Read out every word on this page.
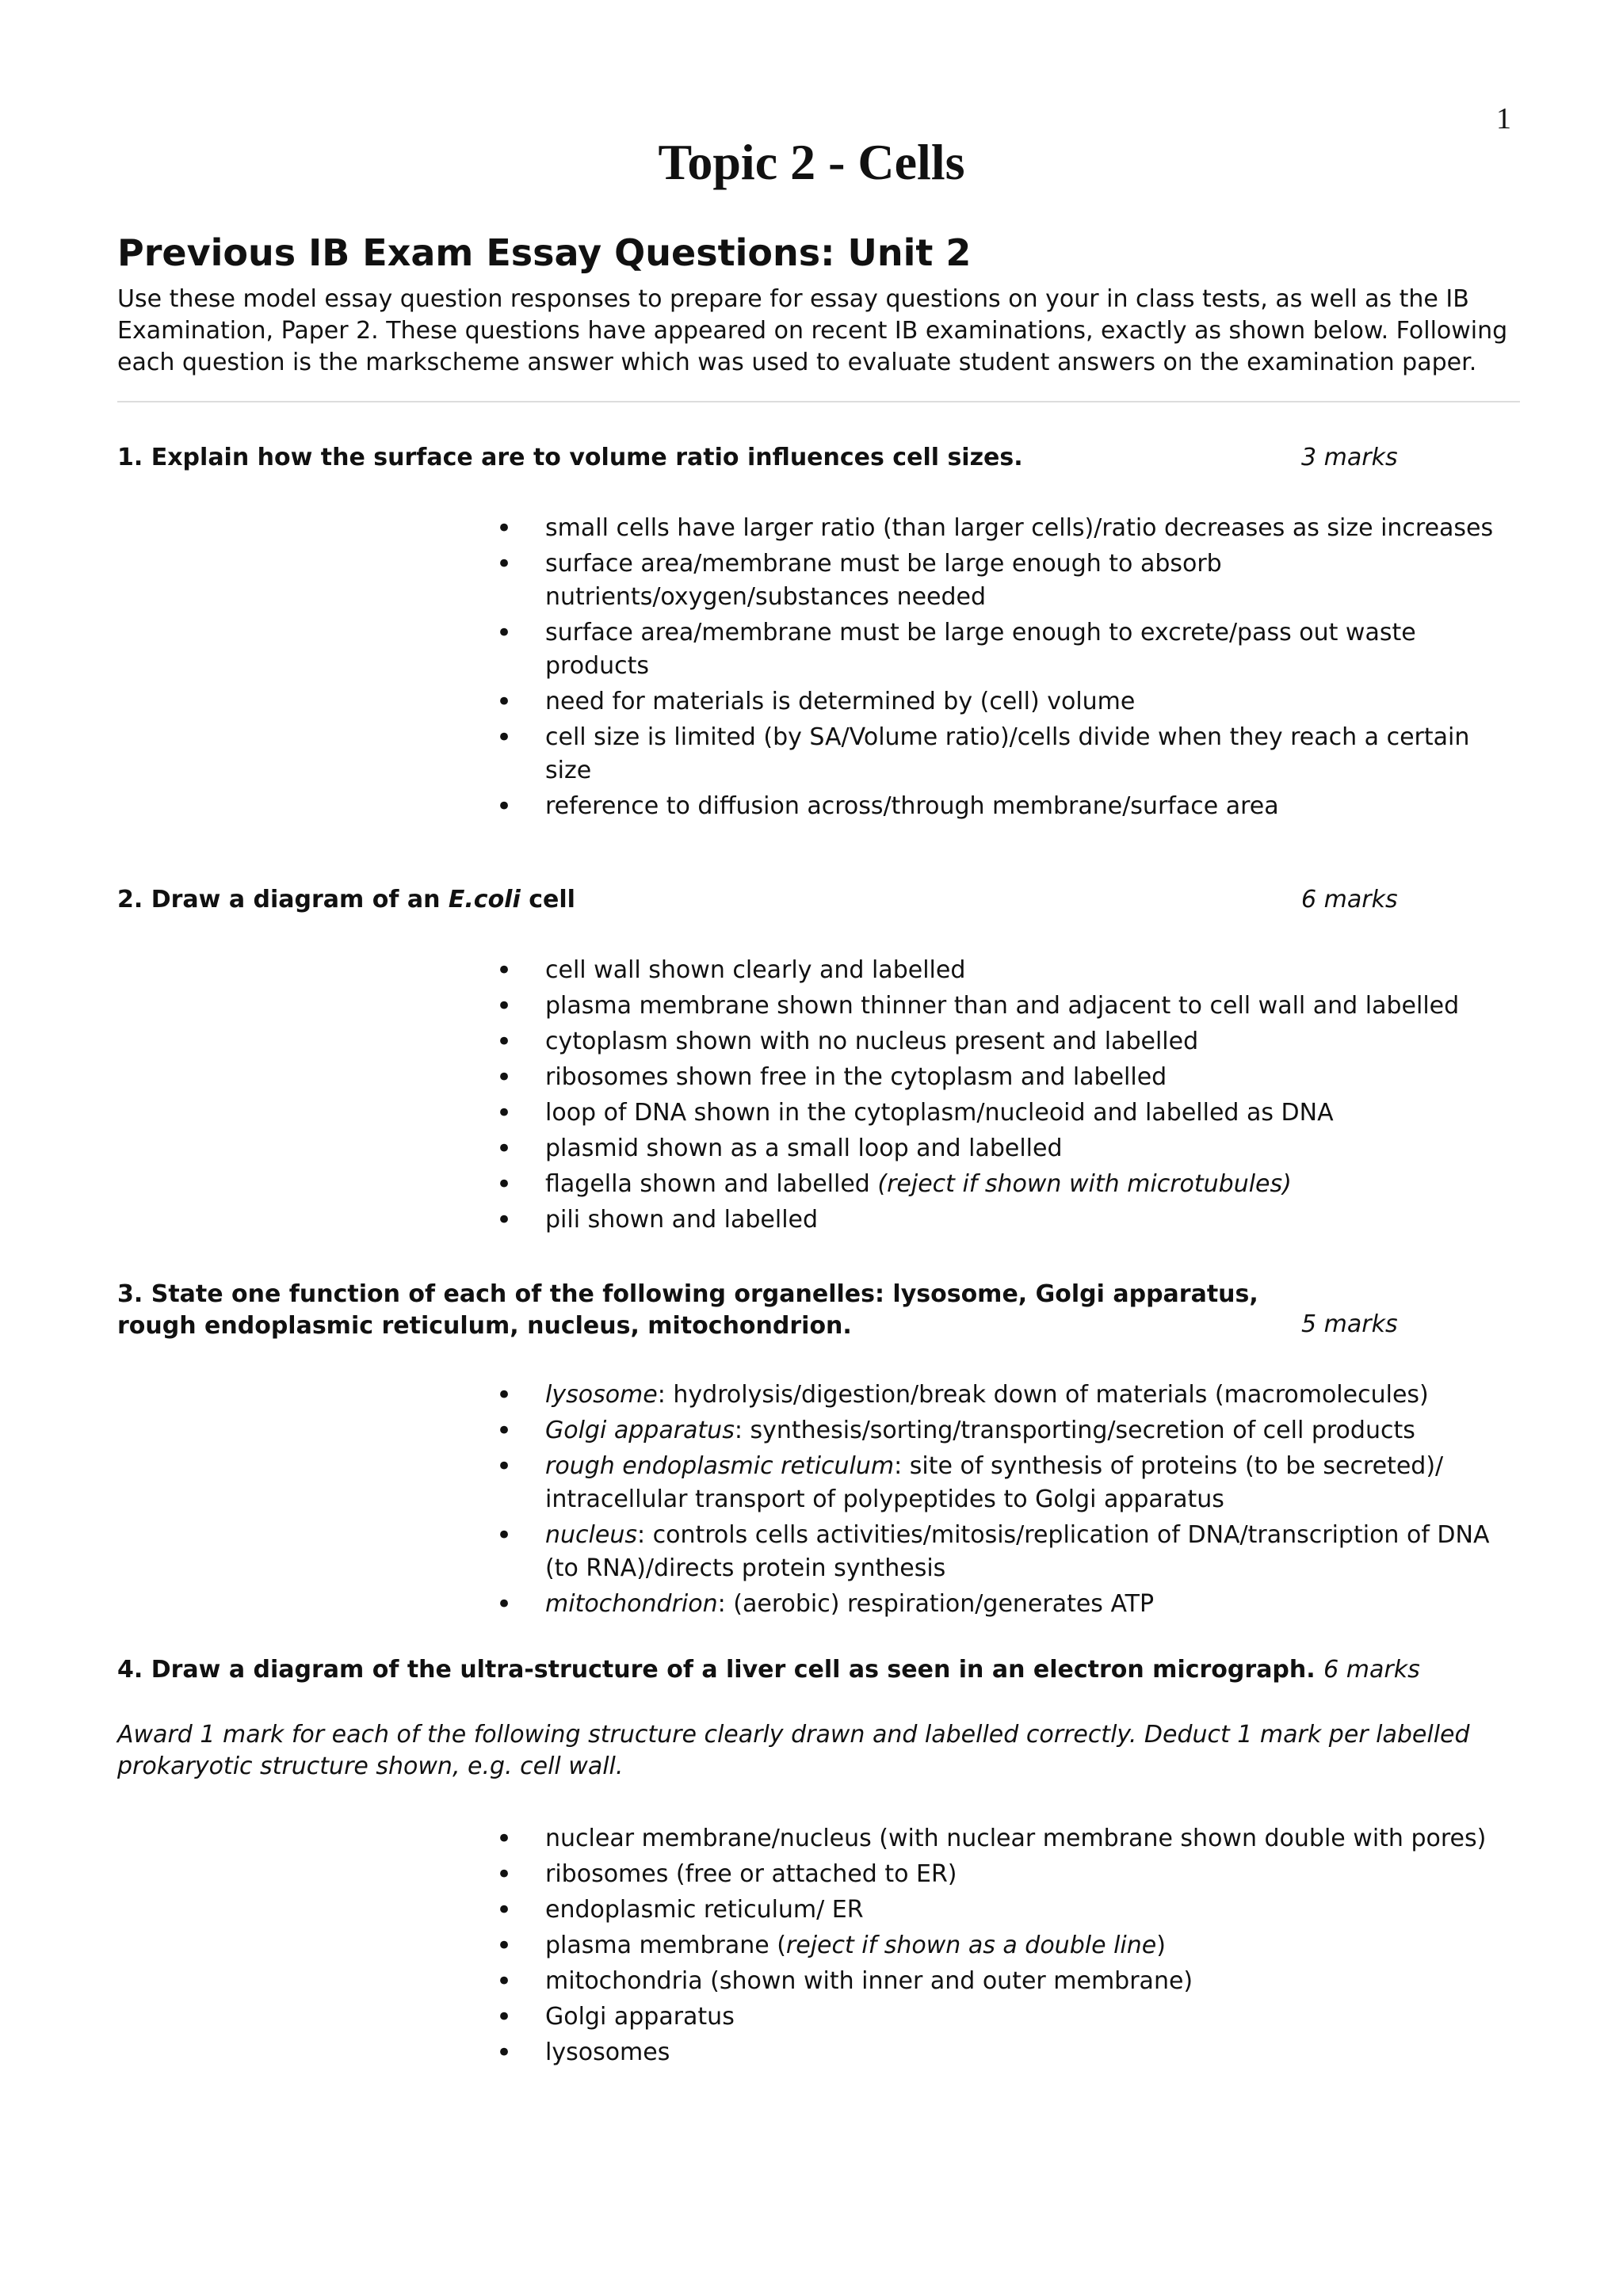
1
Topic 2 - Cells
Previous IB Exam Essay Questions: Unit 2
Use these model essay question responses to prepare for essay questions on your in class tests, as well as the IB Examination, Paper 2. These questions have appeared on recent IB examinations, exactly as shown below. Following each question is the markscheme answer which was used to evaluate student answers on the examination paper.
1. Explain how the surface are to volume ratio influences cell sizes.	3 marks
• small cells have larger ratio (than larger cells)/ratio decreases as size increases
• surface area/membrane must be large enough to absorb nutrients/oxygen/substances needed
• surface area/membrane must be large enough to excrete/pass out waste products
• need for materials is determined by (cell) volume
• cell size is limited (by SA/Volume ratio)/cells divide when they reach a certain size
• reference to diffusion across/through membrane/surface area
2. Draw a diagram of an E.coli cell	6 marks
• cell wall shown clearly and labelled
• plasma membrane shown thinner than and adjacent to cell wall and labelled
• cytoplasm shown with no nucleus present and labelled
• ribosomes shown free in the cytoplasm and labelled
• loop of DNA shown in the cytoplasm/nucleoid and labelled as DNA
• plasmid shown as a small loop and labelled
• flagella shown and labelled (reject if shown with microtubules)
• pili shown and labelled
3. State one function of each of the following organelles: lysosome, Golgi apparatus, rough endoplasmic reticulum, nucleus, mitochondrion.	5 marks
• lysosome: hydrolysis/digestion/break down of materials (macromolecules)
• Golgi apparatus: synthesis/sorting/transporting/secretion of cell products
• rough endoplasmic reticulum: site of synthesis of proteins (to be secreted)/ intracellular transport of polypeptides to Golgi apparatus
• nucleus: controls cells activities/mitosis/replication of DNA/transcription of DNA (to RNA)/directs protein synthesis
• mitochondrion: (aerobic) respiration/generates ATP
4. Draw a diagram of the ultra-structure of a liver cell as seen in an electron micrograph. 6 marks
Award 1 mark for each of the following structure clearly drawn and labelled correctly. Deduct 1 mark per labelled prokaryotic structure shown, e.g. cell wall.
• nuclear membrane/nucleus (with nuclear membrane shown double with pores)
• ribosomes (free or attached to ER)
• endoplasmic reticulum/ ER
• plasma membrane (reject if shown as a double line)
• mitochondria (shown with inner and outer membrane)
• Golgi apparatus
• lysosomes
